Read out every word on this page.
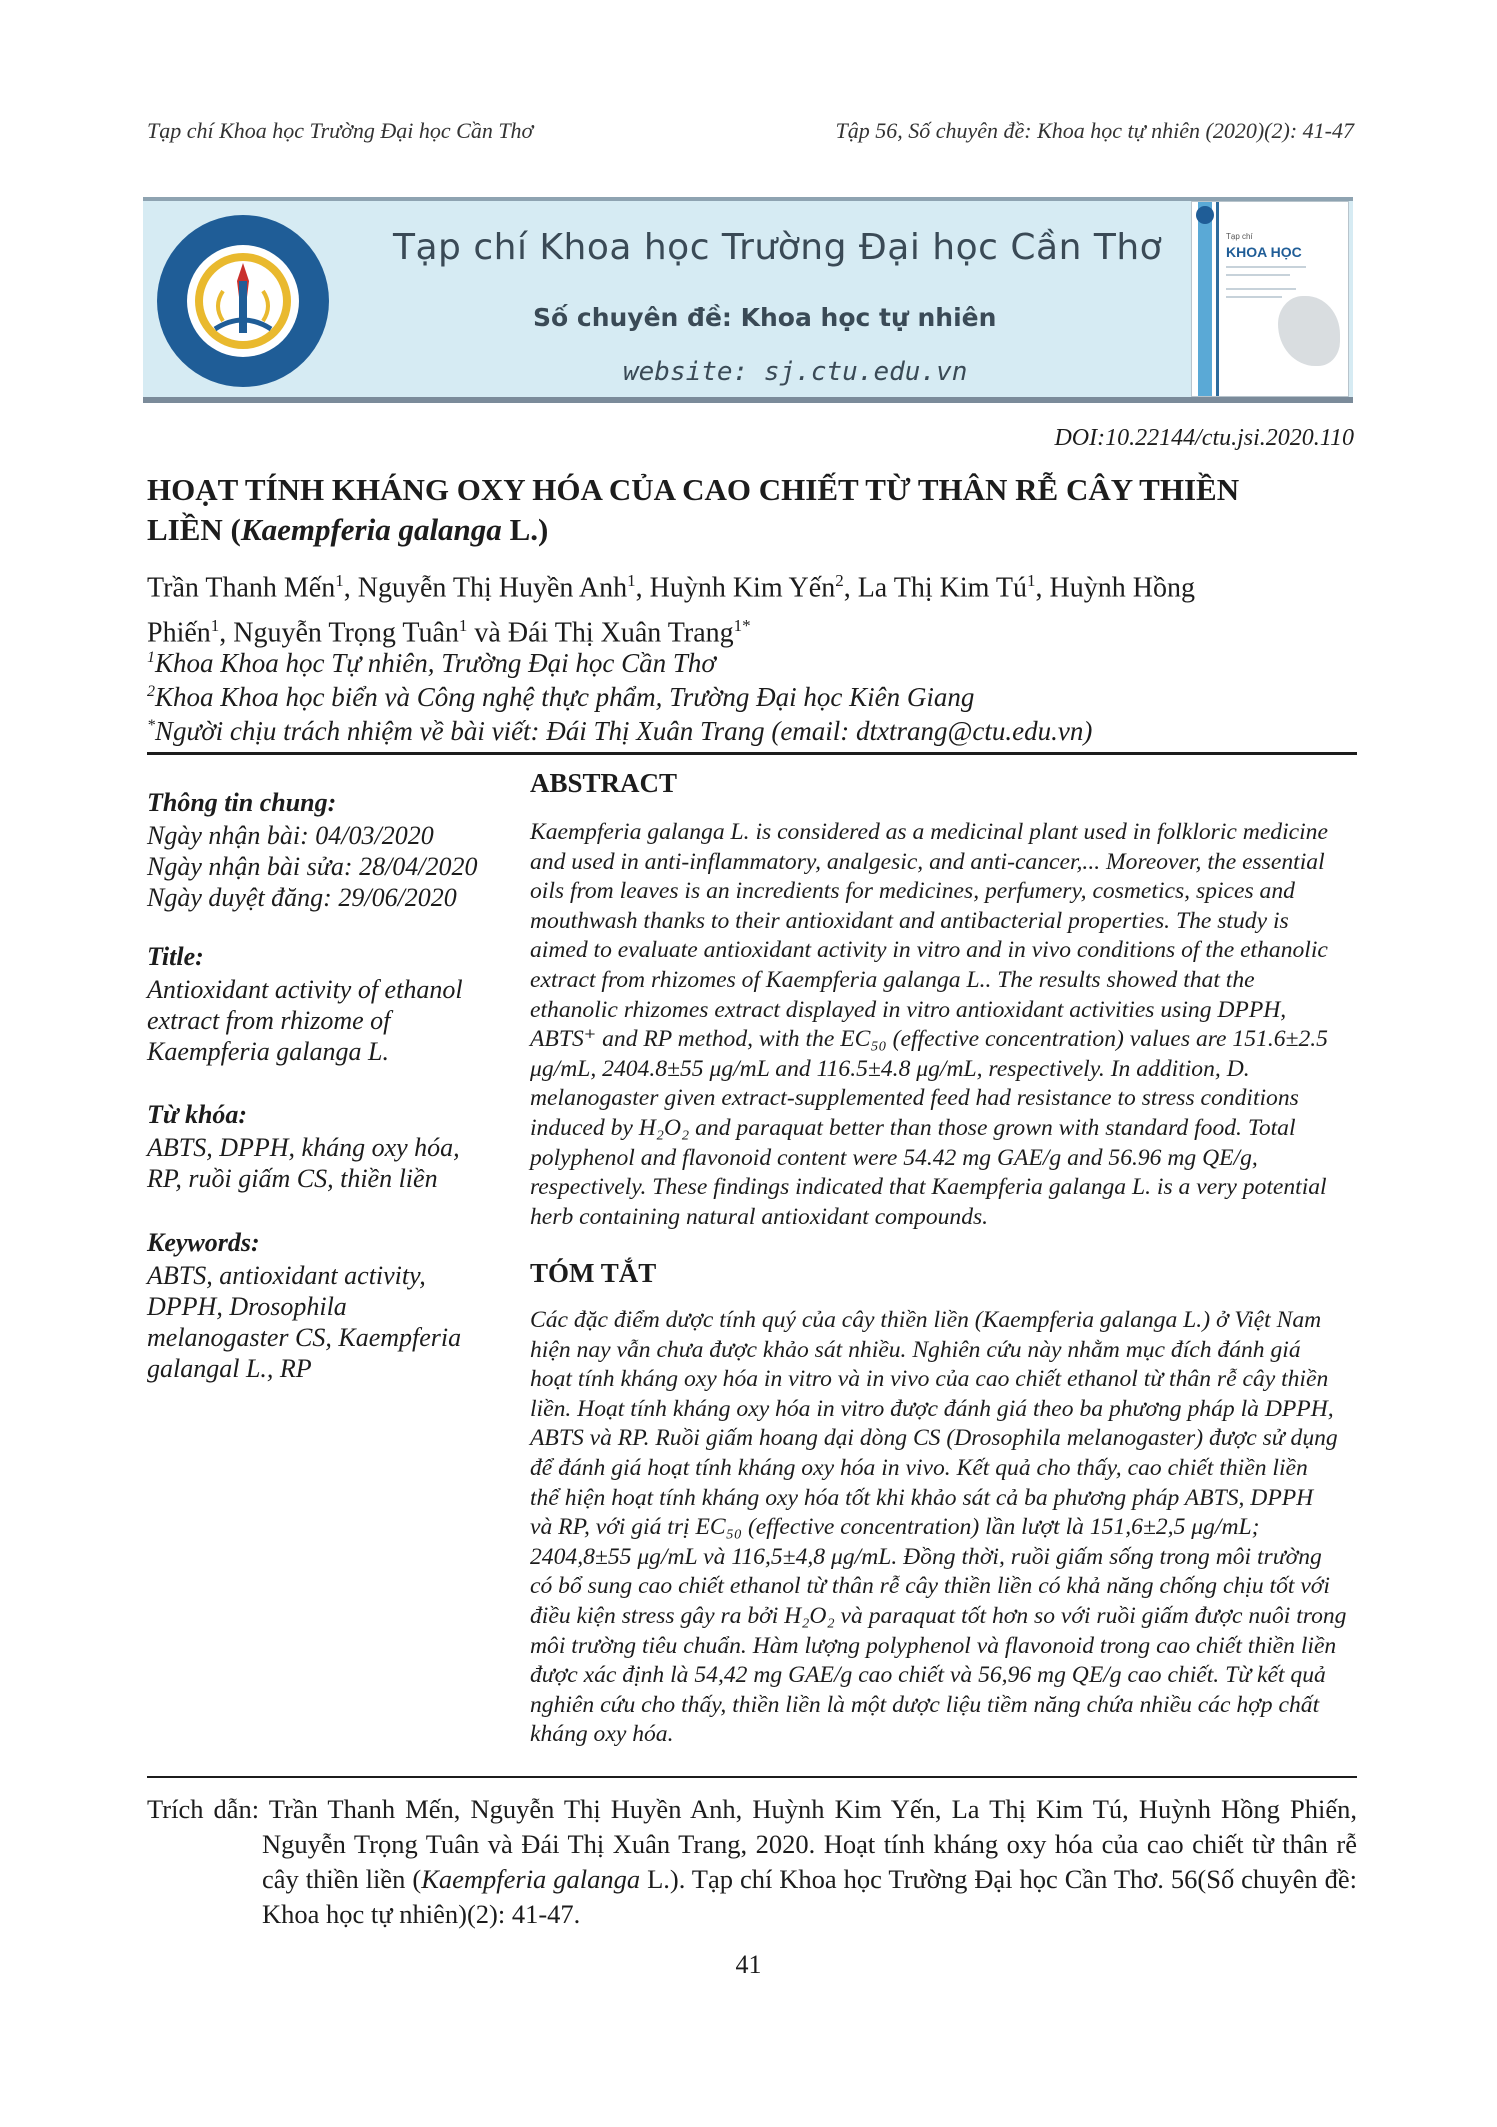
Tạp chí Khoa học Trường Đại học Cần Thơ	Tập 56, Số chuyên đề: Khoa học tự nhiên (2020)(2): 41-47
Tạp chí Khoa học Trường Đại học Cần Thơ
Số chuyên đề: Khoa học tự nhiên
website: sj.ctu.edu.vn
Tạp chí
KHOA HỌC
DOI:10.22144/ctu.jsi.2020.110
HOẠT TÍNH KHÁNG OXY HÓA CỦA CAO CHIẾT TỪ THÂN RỄ CÂY THIỀN
LIỀN (Kaempferia galanga L.)
Trần Thanh Mến$^1$, Nguyễn Thị Huyền Anh$^1$, Huỳnh Kim Yến$^2$, La Thị Kim $Tú^1$, Huỳnh Hồng
Phiến$^1$, Nguyễn Trọng Tuân$^1$ và Đái Thị Xuân Trang$^{1*}$
$^1$Khoa Khoa học Tự nhiên, Trường Đại học Cần Thơ
$^2$Khoa Khoa học biển và Công nghệ thực phẩm, Trường Đại học Kiên Giang
*Người chịu trách nhiệm về bài viết: Đái Thị Xuân Trang (email: dtxtrang@ctu.edu.vn)
Thông tin chung:
Ngày nhận bài: 04/03/2020
Ngày nhận bài sửa: 28/04/2020
Ngày duyệt đăng: 29/06/2020
Title:
Antioxidant activity of ethanol
extract from rhizome of
Kaempferia galanga L.
Từ khóa:
ABTS, DPPH, kháng oxy hóa,
RP, ruồi giấm CS, thiền liền
Keywords:
ABTS, antioxidant activity,
DPPH, Drosophila
melanogaster CS, Kaempferia
galangal L., RP
ABSTRACT
Kaempferia galanga L. is considered as a medicinal plant used in folkloric medicine
and used in anti-inflammatory, analgesic, and anti-cancer,... Moreover, the essential
oils from leaves is an incredients for medicines, perfumery, cosmetics, spices and
mouthwash thanks to their antioxidant and antibacterial properties. The study is
aimed to evaluate antioxidant activity in vitro and in vivo conditions of the ethanolic
extract from rhizomes of Kaempferia galanga L.. The results showed that the
ethanolic rhizomes extract displayed in vitro antioxidant activities using DPPH,
ABTS⁺ and RP method, with the EC₅₀ (effective concentration) values are 151.6±2.5
μg/mL, 2404.8±55 μg/mL and 116.5±4.8 μg/mL, respectively. In addition, D.
melanogaster given extract-supplemented feed had resistance to stress conditions
induced by H₂O₂ and paraquat better than those grown with standard food. Total
polyphenol and flavonoid content were 54.42 mg GAE/g and 56.96 mg QE/g,
respectively. These findings indicated that Kaempferia galanga L. is a very potential
herb containing natural antioxidant compounds.
TÓM TẮT
Các đặc điểm dược tính quý của cây thiền liền (Kaempferia galanga L.) ở Việt Nam
hiện nay vẫn chưa được khảo sát nhiều. Nghiên cứu này nhằm mục đích đánh giá
hoạt tính kháng oxy hóa in vitro và in vivo của cao chiết ethanol từ thân rễ cây thiền
liền. Hoạt tính kháng oxy hóa in vitro được đánh giá theo ba phương pháp là DPPH,
ABTS và RP. Ruồi giấm hoang dại dòng CS (Drosophila melanogaster) được sử dụng
để đánh giá hoạt tính kháng oxy hóa in vivo. Kết quả cho thấy, cao chiết thiền liền
thể hiện hoạt tính kháng oxy hóa tốt khi khảo sát cả ba phương pháp ABTS, DPPH
và RP, với giá trị EC₅₀ (effective concentration) lần lượt là 151,6±2,5 μg/mL;
2404,8±55 μg/mL và 116,5±4,8 μg/mL. Đồng thời, ruồi giấm sống trong môi trường
có bổ sung cao chiết ethanol từ thân rễ cây thiền liền có khả năng chống chịu tốt với
điều kiện stress gây ra bởi H₂O₂ và paraquat tốt hơn so với ruồi giấm được nuôi trong
môi trường tiêu chuẩn. Hàm lượng polyphenol và flavonoid trong cao chiết thiền liền
được xác định là 54,42 mg GAE/g cao chiết và 56,96 mg QE/g cao chiết. Từ kết quả
nghiên cứu cho thấy, thiền liền là một dược liệu tiềm năng chứa nhiều các hợp chất
kháng oxy hóa.
Trích dẫn: Trần Thanh Mến, Nguyễn Thị Huyền Anh, Huỳnh Kim Yến, La Thị Kim Tú, Huỳnh Hồng Phiến, Nguyễn Trọng Tuân và Đái Thị Xuân Trang, 2020. Hoạt tính kháng oxy hóa của cao chiết từ thân rễ cây thiền liền (Kaempferia galanga L.). Tạp chí Khoa học Trường Đại học Cần Thơ. 56(Số chuyên đề: Khoa học tự nhiên)(2): 41-47.
41
